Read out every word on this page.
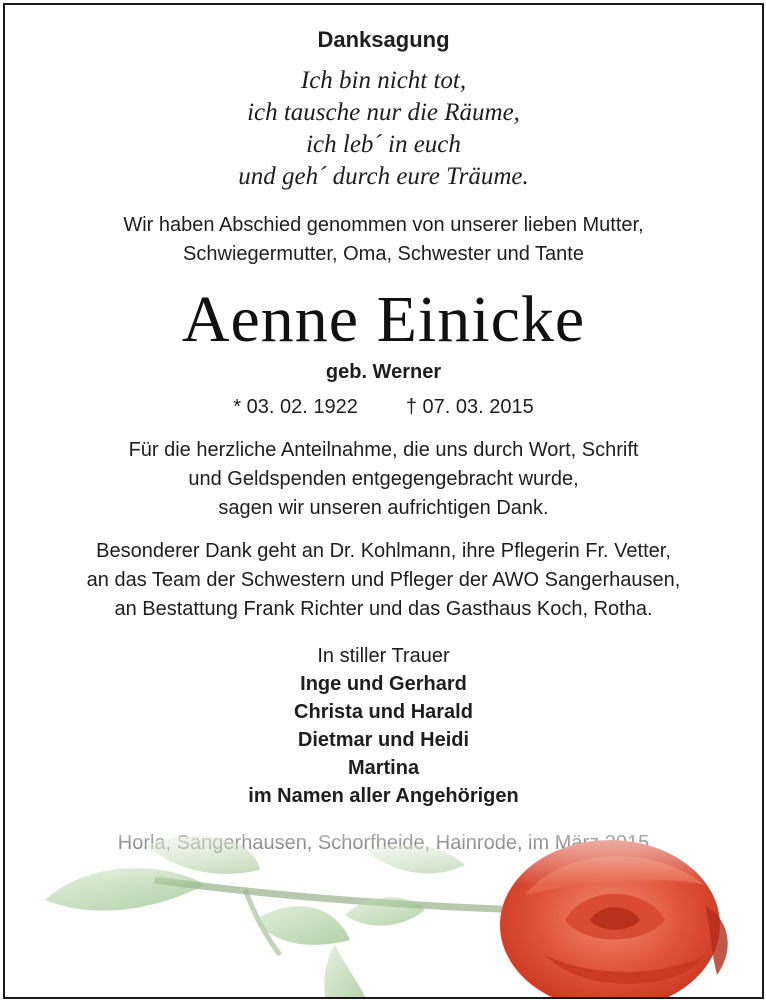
Danksagung
Ich bin nicht tot,
ich tausche nur die Räume,
ich leb´ in euch
und geh´ durch eure Träume.
Wir haben Abschied genommen von unserer lieben Mutter,
Schwiegermutter, Oma, Schwester und Tante
Aenne Einicke
geb. Werner
* 03. 02. 1922 † 07. 03. 2015
Für die herzliche Anteilnahme, die uns durch Wort, Schrift
und Geldspenden entgegengebracht wurde,
sagen wir unseren aufrichtigen Dank.
Besonderer Dank geht an Dr. Kohlmann, ihre Pflegerin Fr. Vetter,
an das Team der Schwestern und Pfleger der AWO Sangerhausen,
an Bestattung Frank Richter und das Gasthaus Koch, Rotha.
In stiller Trauer
Inge und Gerhard
Christa und Harald
Dietmar und Heidi
Martina
im Namen aller Angehörigen
